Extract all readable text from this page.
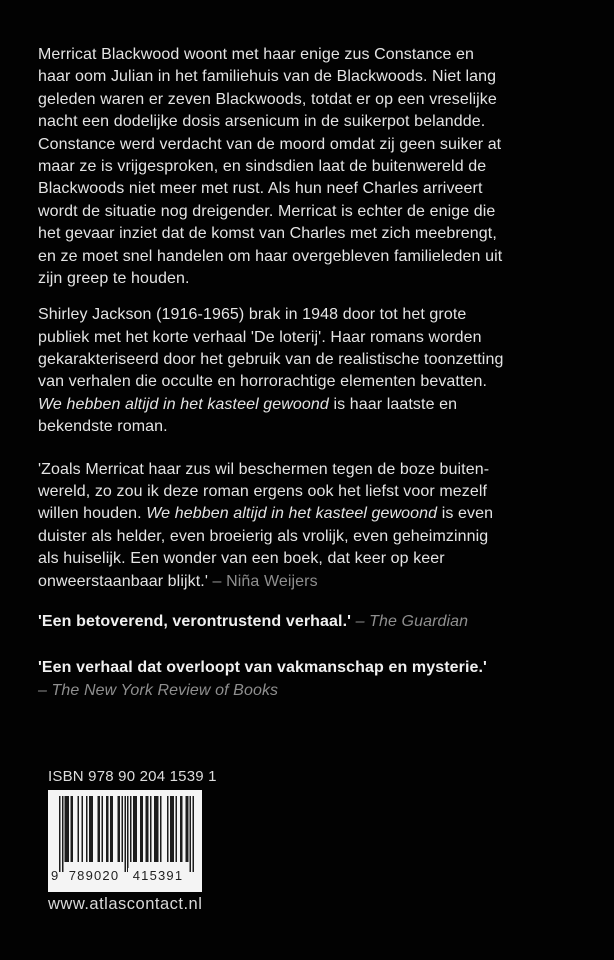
Merricat Blackwood woont met haar enige zus Constance en
haar oom Julian in het familiehuis van de Blackwoods. Niet lang
geleden waren er zeven Blackwoods, totdat er op een vreselijke
nacht een dodelijke dosis arsenicum in de suikerpot belandde.
Constance werd verdacht van de moord omdat zij geen suiker at
maar ze is vrijgesproken, en sindsdien laat de buitenwereld de
Blackwoods niet meer met rust. Als hun neef Charles arriveert
wordt de situatie nog dreigender. Merricat is echter de enige die
het gevaar inziet dat de komst van Charles met zich meebrengt,
en ze moet snel handelen om haar overgebleven familieleden uit
zijn greep te houden.
Shirley Jackson (1916-1965) brak in 1948 door tot het grote
publiek met het korte verhaal 'De loterij'. Haar romans worden
gekarakteriseerd door het gebruik van de realistische toonzetting
van verhalen die occulte en horrorachtige elementen bevatten.
We hebben altijd in het kasteel gewoond is haar laatste en
bekendste roman.
'Zoals Merricat haar zus wil beschermen tegen de boze buiten-
wereld, zo zou ik deze roman ergens ook het liefst voor mezelf
willen houden. We hebben altijd in het kasteel gewoond is even
duister als helder, even broeierig als vrolijk, even geheimzinnig
als huiselijk. Een wonder van een boek, dat keer op keer
onweerstaanbaar blijkt.' – Niña Weijers
'Een betoverend, verontrustend verhaal.' – The Guardian
'Een verhaal dat overloopt van vakmanschap en mysterie.'
– The New York Review of Books
ISBN 978 90 204 1539 1
9 789020	415391
www.atlascontact.nl
